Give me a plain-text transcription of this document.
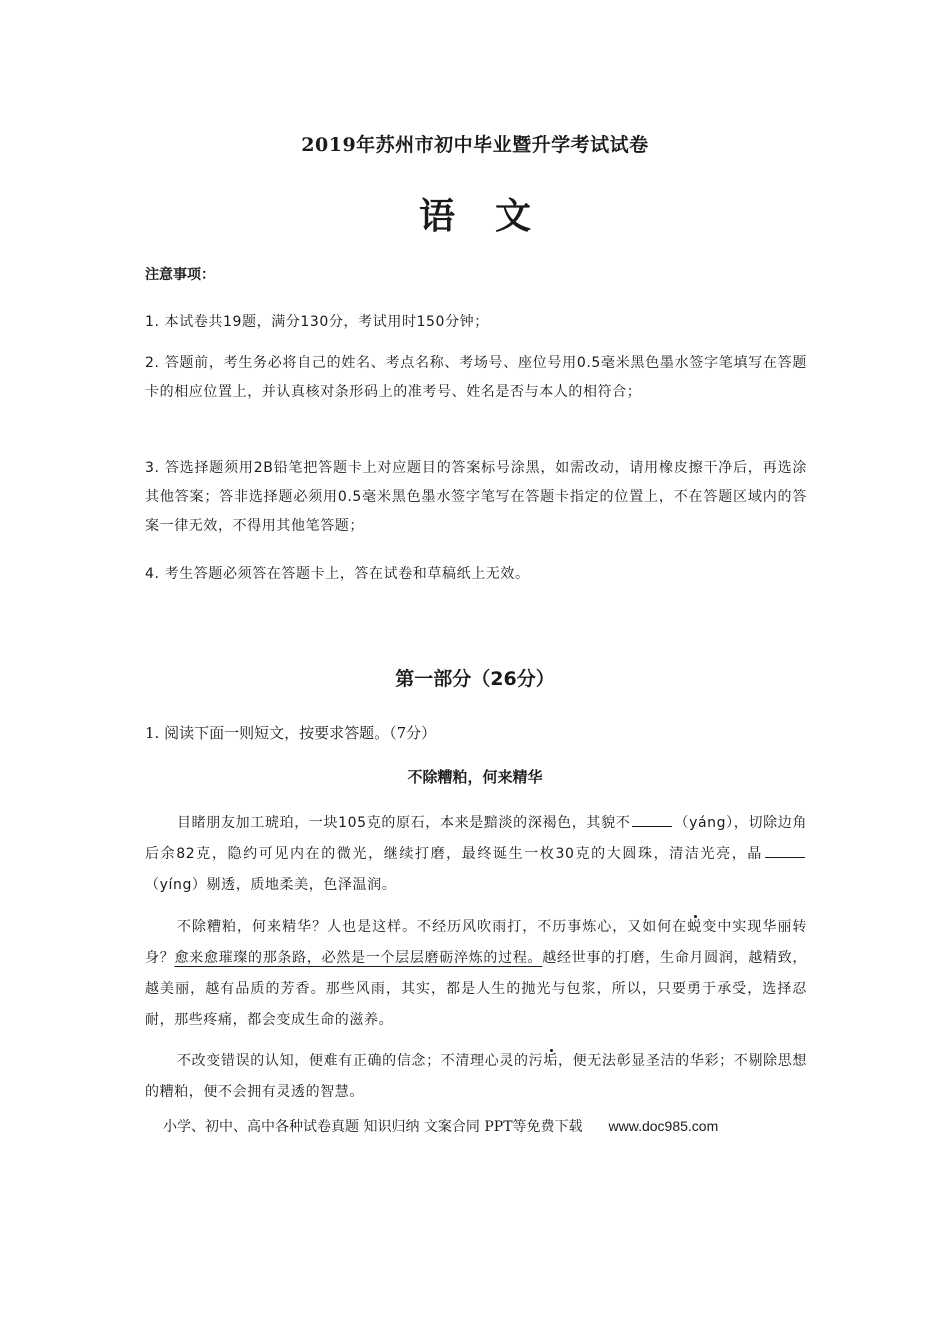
2019年苏州市初中毕业暨升学考试试卷
语文
注意事项：
1. 本试卷共19题，满分130分，考试用时150分钟；
2. 答题前，考生务必将自己的姓名、考点名称、考场号、座位号用0.5毫米黑色墨水签字笔填写在答题卡的相应位置上，并认真核对条形码上的准考号、姓名是否与本人的相符合；
3. 答选择题须用2B铅笔把答题卡上对应题目的答案标号涂黑，如需改动，请用橡皮擦干净后，再选涂其他答案；答非选择题必须用0.5毫米黑色墨水签字笔写在答题卡指定的位置上，不在答题区域内的答案一律无效，不得用其他笔答题；
4. 考生答题必须答在答题卡上，答在试卷和草稿纸上无效。
第一部分（26分）
1. 阅读下面一则短文，按要求答题。（7分）
不除糟粕，何来精华
目睹朋友加工琥珀，一块105克的原石，本来是黯淡的深褐色，其貌不	（yáng），切除边角后余82克，隐约可见内在的微光，继续打磨，最终诞生一枚30克的大圆珠，清洁光亮，晶（yíng）剔透，质地柔美，色泽温润。
不除糟粕，何来精华？人也是这样。不经历风吹雨打，不历事炼心，又如何在蜕变中实现华丽转身？愈来愈璀璨的那条路，必然是一个层层磨砺淬炼的过程。越经世事的打磨，生命月圆润，越精致，越美丽，越有品质的芳香。那些风雨，其实，都是人生的抛光与包浆，所以，只要勇于承受，选择忍耐，那些疼痛，都会变成生命的滋养。
不改变错误的认知，便难有正确的信念；不清理心灵的污垢，便无法彰显圣洁的华彩；不剔除思想的糟粕，便不会拥有灵透的智慧。
小学、初中、高中各种试卷真题 知识归纳 文案合同 PPT等免费下载 www.doc985.com
